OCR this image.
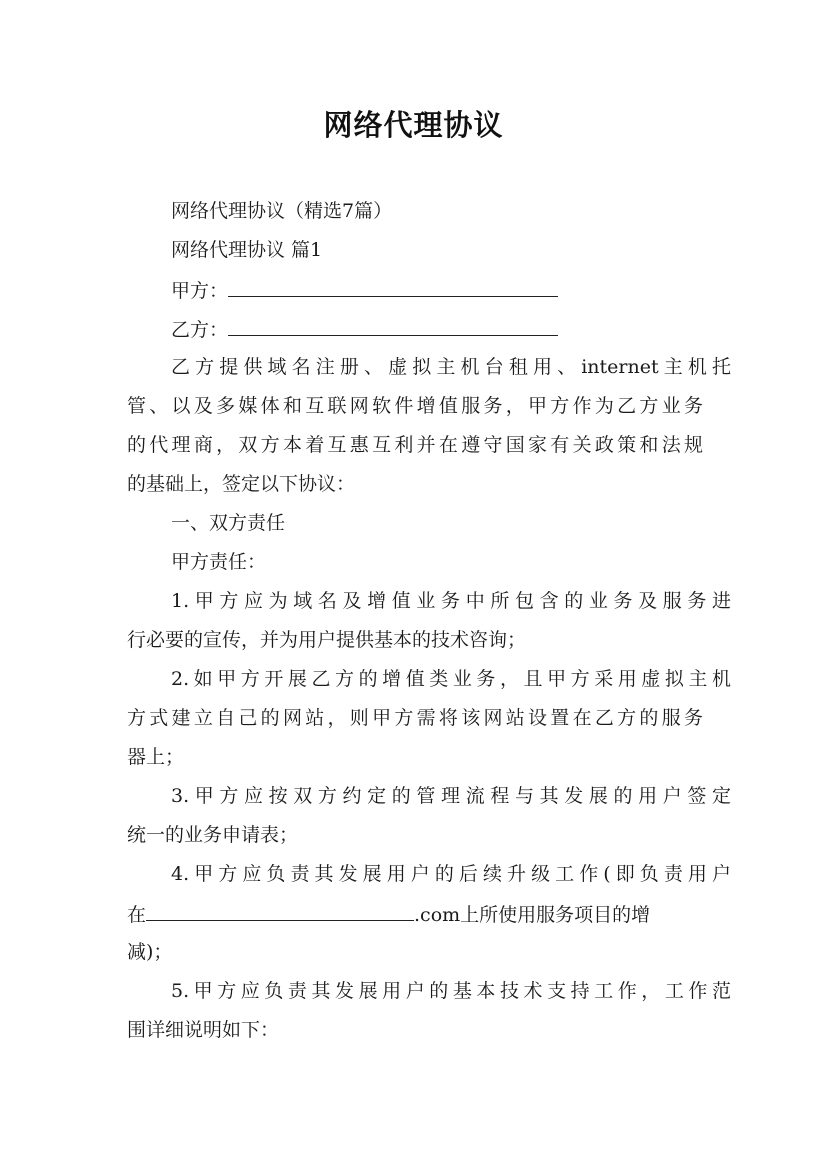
网络代理协议
网络代理协议（精选7篇）
网络代理协议 篇1
甲方：
乙方：
乙方提供域名注册、虚拟主机台租用、internet主机托
管、以及多媒体和互联网软件增值服务，甲方作为乙方业务
的代理商，双方本着互惠互利并在遵守国家有关政策和法规
的基础上，签定以下协议：
一、双方责任
甲方责任：
1.甲方应为域名及增值业务中所包含的业务及服务进
行必要的宣传，并为用户提供基本的技术咨询；
2.如甲方开展乙方的增值类业务，且甲方采用虚拟主机
方式建立自己的网站，则甲方需将该网站设置在乙方的服务
器上；
3.甲方应按双方约定的管理流程与其发展的用户签定
统一的业务申请表；
4.甲方应负责其发展用户的后续升级工作(即负责用户
在	.com上所使用服务项目的增
减)；
5.甲方应负责其发展用户的基本技术支持工作，工作范
围详细说明如下：
